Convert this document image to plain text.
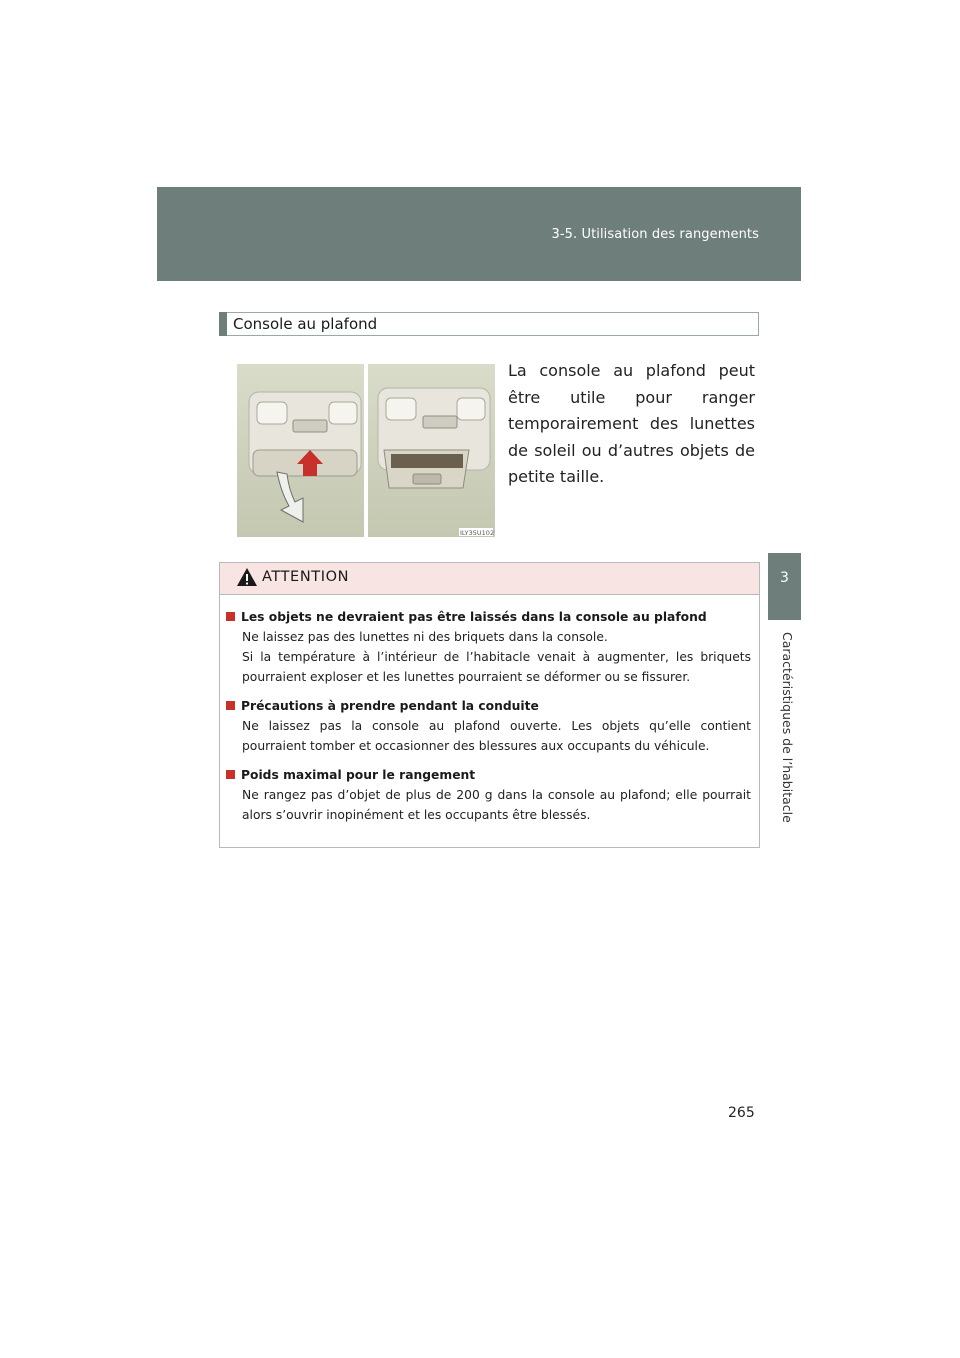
3-5. Utilisation des rangements
3
Caractéristiques de l’habitacle
Console au plafond
ILY35U102
La console au plafond peut être utile pour ranger temporairement des lunettes de soleil ou d’autres objets de petite taille.
ATTENTION
Les objets ne devraient pas être laissés dans la console au plafond
Ne laissez pas des lunettes ni des briquets dans la console.
Si la température à l’intérieur de l’habitacle venait à augmenter, les briquets pourraient exploser et les lunettes pourraient se déformer ou se fissurer.
Précautions à prendre pendant la conduite
Ne laissez pas la console au plafond ouverte. Les objets qu’elle contient pourraient tomber et occasionner des blessures aux occupants du véhicule.
Poids maximal pour le rangement
Ne rangez pas d’objet de plus de 200 g dans la console au plafond; elle pourrait alors s’ouvrir inopinément et les occupants être blessés.
265
